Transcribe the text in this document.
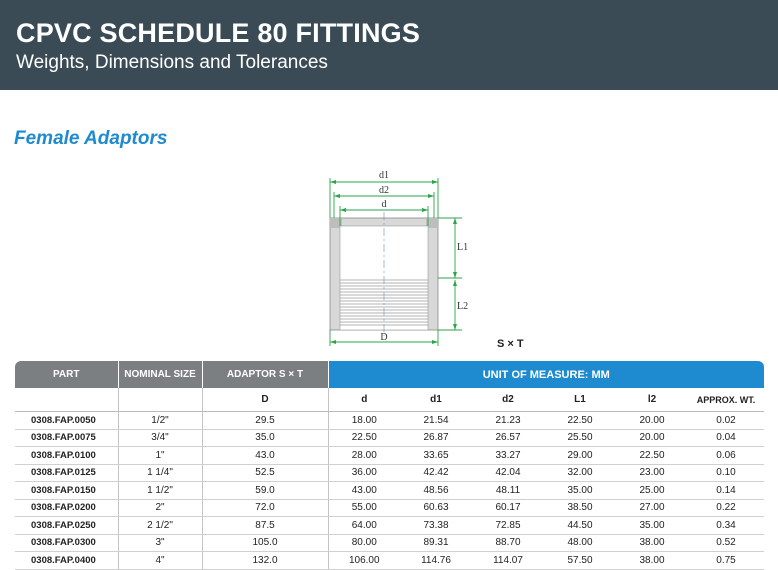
CPVC SCHEDULE 80 FITTINGS
Weights, Dimensions and Tolerances
Female Adaptors
d1
d2
d
L1
L2
D
S × T
PART	NOMINAL SIZE	ADAPTOR S × T	UNIT OF MEASURE: MM					
		D	d	d1	d2	L1	l2	APPROX. WT.
0308.FAP.0050	1/2"	29.5	18.00	21.54	21.23	22.50	20.00	0.02
0308.FAP.0075	3/4"	35.0	22.50	26.87	26.57	25.50	20.00	0.04
0308.FAP.0100	1"	43.0	28.00	33.65	33.27	29.00	22.50	0.06
0308.FAP.0125	1 1/4"	52.5	36.00	42.42	42.04	32.00	23.00	0.10
0308.FAP.0150	1 1/2"	59.0	43.00	48.56	48.11	35.00	25.00	0.14
0308.FAP.0200	2"	72.0	55.00	60.63	60.17	38.50	27.00	0.22
0308.FAP.0250	2 1/2"	87.5	64.00	73.38	72.85	44.50	35.00	0.34
0308.FAP.0300	3"	105.0	80.00	89.31	88.70	48.00	38.00	0.52
0308.FAP.0400	4"	132.0	106.00	114.76	114.07	57.50	38.00	0.75
